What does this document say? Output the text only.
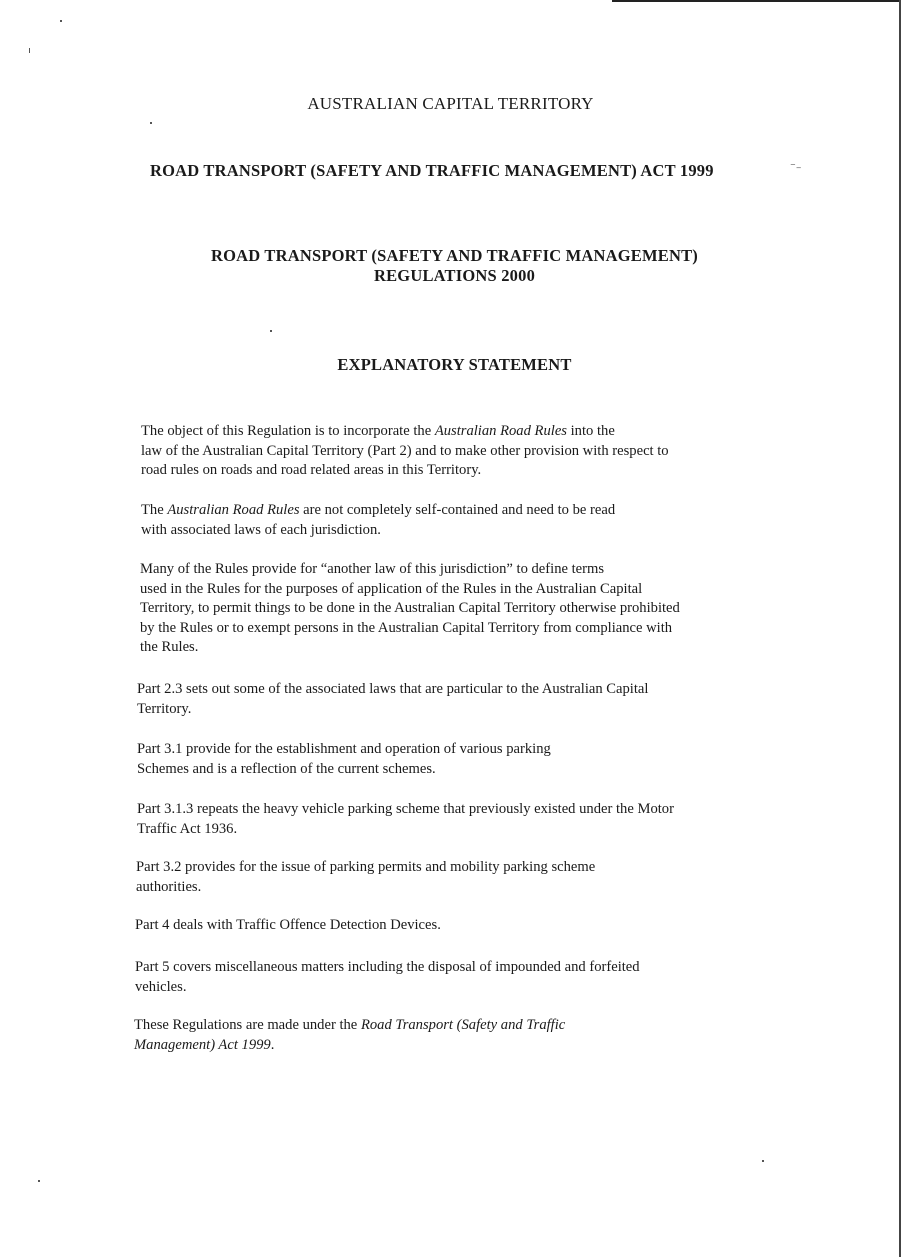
⁻₋
AUSTRALIAN CAPITAL TERRITORY
ROAD TRANSPORT (SAFETY AND TRAFFIC MANAGEMENT) ACT 1999
ROAD TRANSPORT (SAFETY AND TRAFFIC MANAGEMENT)
REGULATIONS 2000
EXPLANATORY STATEMENT
The object of this Regulation is to incorporate the Australian Road Rules into the
law of the Australian Capital Territory (Part 2) and to make other provision with respect to
road rules on roads and road related areas in this Territory.
The Australian Road Rules are not completely self-contained and need to be read
with associated laws of each jurisdiction.
Many of the Rules provide for “another law of this jurisdiction” to define terms
used in the Rules for the purposes of application of the Rules in the Australian Capital
Territory, to permit things to be done in the Australian Capital Territory otherwise prohibited
by the Rules or to exempt persons in the Australian Capital Territory from compliance with
the Rules.
Part 2.3 sets out some of the associated laws that are particular to the Australian Capital
Territory.
Part 3.1 provide for the establishment and operation of various parking
Schemes and is a reflection of the current schemes.
Part 3.1.3 repeats the heavy vehicle parking scheme that previously existed under the Motor
Traffic Act 1936.
Part 3.2 provides for the issue of parking permits and mobility parking scheme
authorities.
Part 4 deals with Traffic Offence Detection Devices.
Part 5 covers miscellaneous matters including the disposal of impounded and forfeited
vehicles.
These Regulations are made under the Road Transport (Safety and Traffic
Management) Act 1999.
